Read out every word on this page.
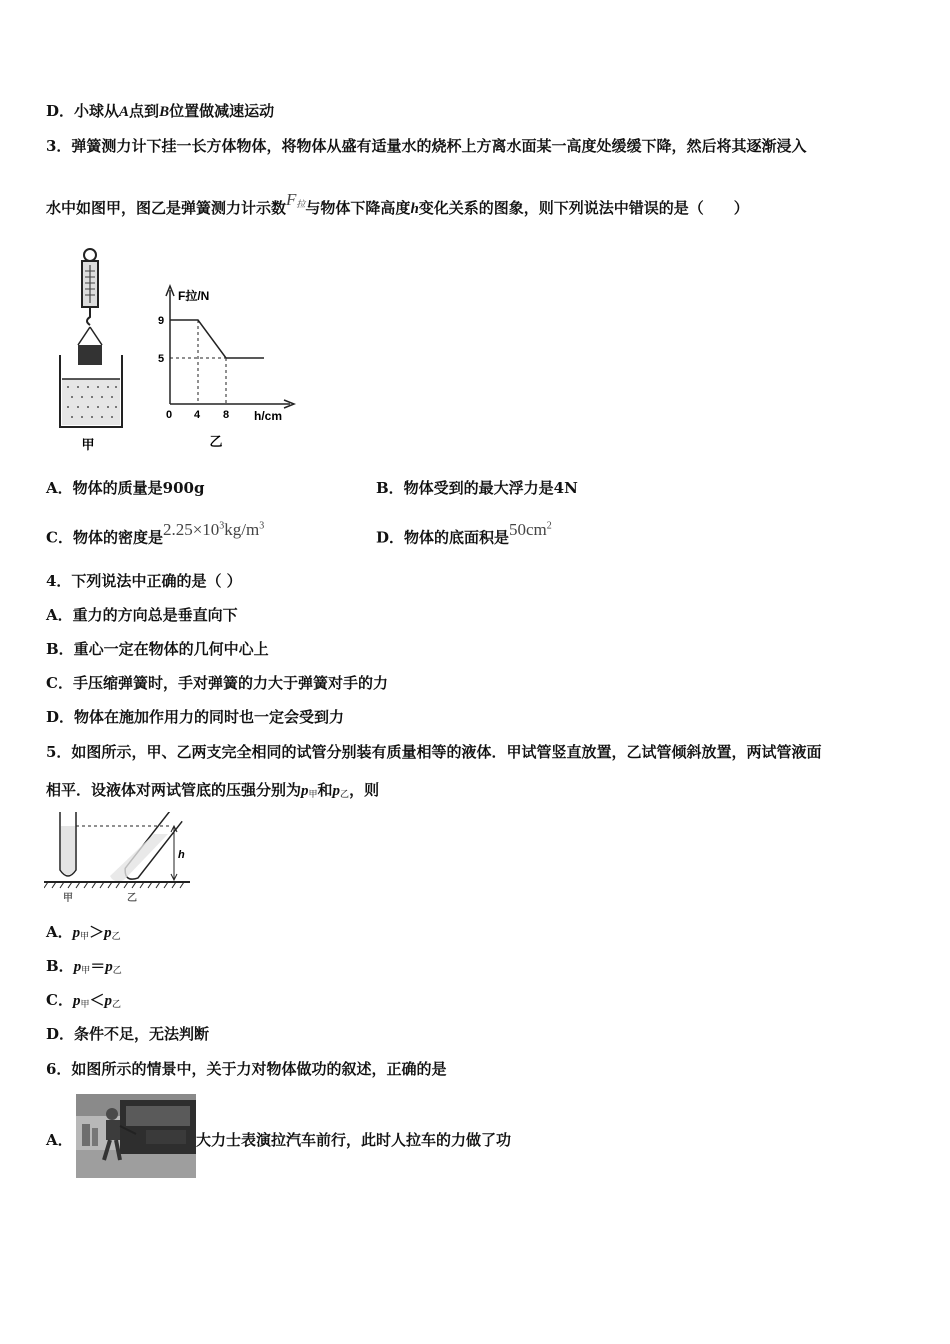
D．小球从A点到B位置做减速运动
3．弹簧测力计下挂一长方体物体，将物体从盛有适量水的烧杯上方离水面某一高度处缓缓下降，然后将其逐渐浸入
水中如图甲，图乙是弹簧测力计示数$F_拉$与物体下降高度h变化关系的图象，则下列说法中错误的是（　　）
甲
F拉/N
h/cm
9
5
0 4 8
乙
A．物体的质量是900g	B．物体受到的最大浮力是4N
C．物体的密度是$2.25\times 10^3kg/m^3$
D．物体的底面积是$50cm^2$
4．下列说法中正确的是（ ）
A．重力的方向总是垂直向下
B．重心一定在物体的几何中心上
C．手压缩弹簧时，手对弹簧的力大于弹簧对手的力
D．物体在施加作用力的同时也一定会受到力
5．如图所示，甲、乙两支完全相同的试管分别装有质量相等的液体．甲试管竖直放置，乙试管倾斜放置，两试管液面
相平．设液体对两试管底的压强分别为$p_甲$和$p_乙$，则
h
甲	乙
A．$p_甲>p_乙$
B．$p_甲=p_乙$
C．$p_甲<p_乙$
D．条件不足，无法判断
6．如图所示的情景中，关于力对物体做功的叙述，正确的是
A．	大力士表演拉汽车前行，此时人拉车的力做了功
